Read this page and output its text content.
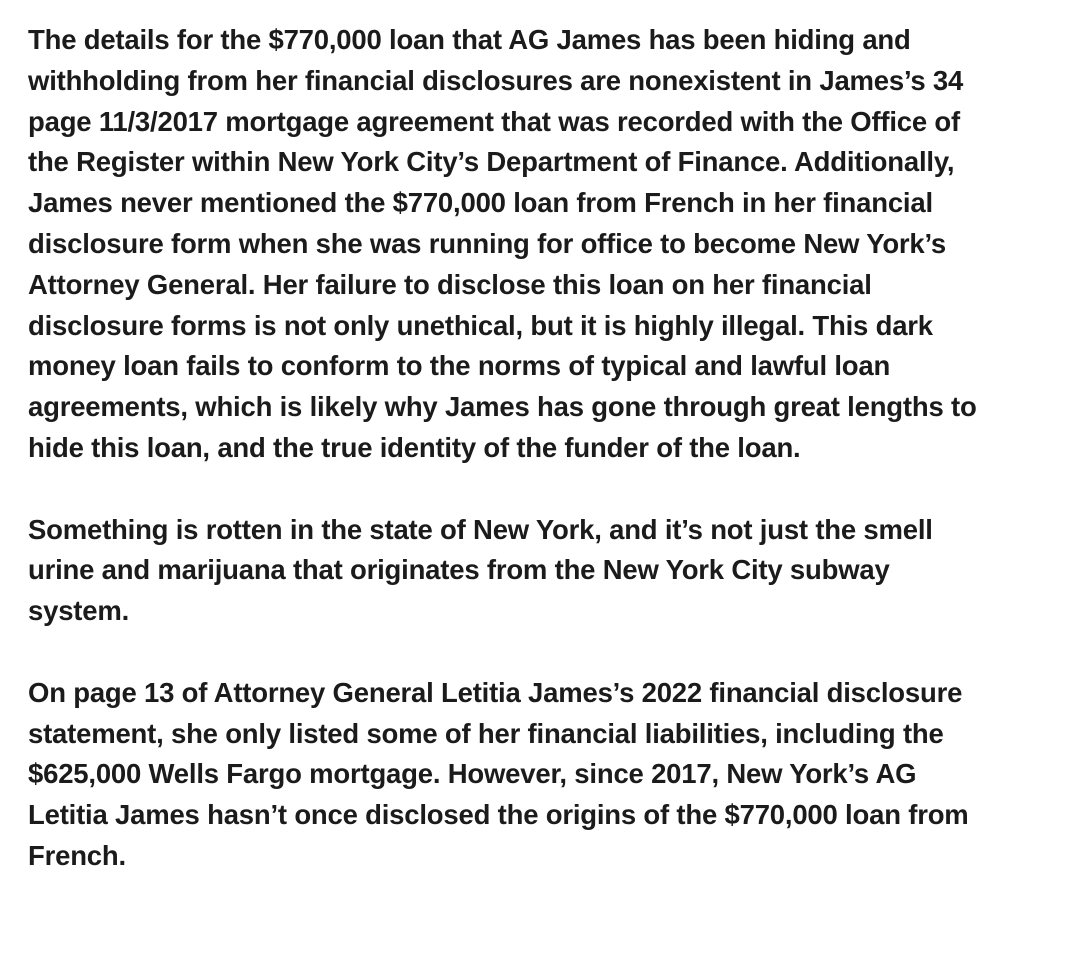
The details for the $770,000 loan that AG James has been hiding and
withholding from her financial disclosures are nonexistent in James’s 34
page 11/3/2017 mortgage agreement that was recorded with the Office of
the Register within New York City’s Department of Finance. Additionally,
James never mentioned the $770,000 loan from French in her financial
disclosure form when she was running for office to become New York’s
Attorney General. Her failure to disclose this loan on her financial
disclosure forms is not only unethical, but it is highly illegal. This dark
money loan fails to conform to the norms of typical and lawful loan
agreements, which is likely why James has gone through great lengths to
hide this loan, and the true identity of the funder of the loan.

Something is rotten in the state of New York, and it’s not just the smell
urine and marijuana that originates from the New York City subway
system.

On page 13 of Attorney General Letitia James’s 2022 financial disclosure
statement, she only listed some of her financial liabilities, including the
$625,000 Wells Fargo mortgage. However, since 2017, New York’s AG
Letitia James hasn’t once disclosed the origins of the $770,000 loan from
French.
